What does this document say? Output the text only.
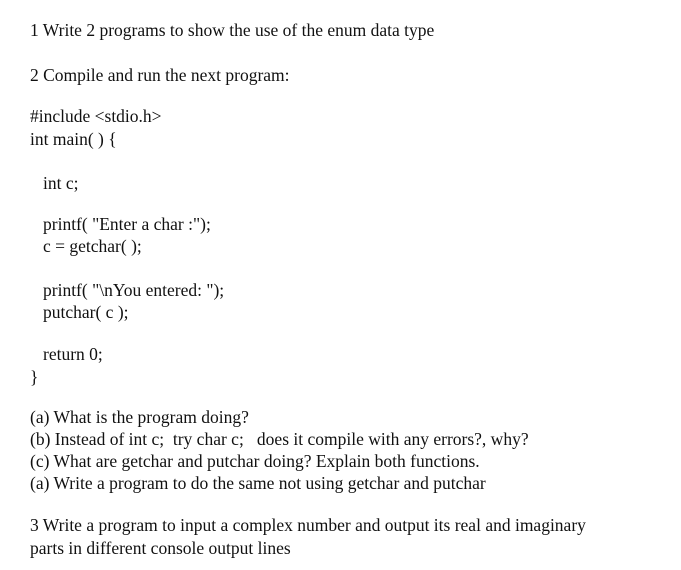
1 Write 2 programs to show the use of the enum data type

2 Compile and run the next program:

#include <stdio.h>

int main( ) {

int c;

printf( "Enter a char :");

c = getchar( );

printf( "\nYou entered: ");

putchar( c );

return 0;

}

(a) What is the program doing?

(b) Instead of int c;  try char c;   does it compile with any errors?, why?

(c) What are getchar and putchar doing? Explain both functions.

(a) Write a program to do the same not using getchar and putchar

3 Write a program to input a complex number and output its real and imaginary

parts in different console output lines
